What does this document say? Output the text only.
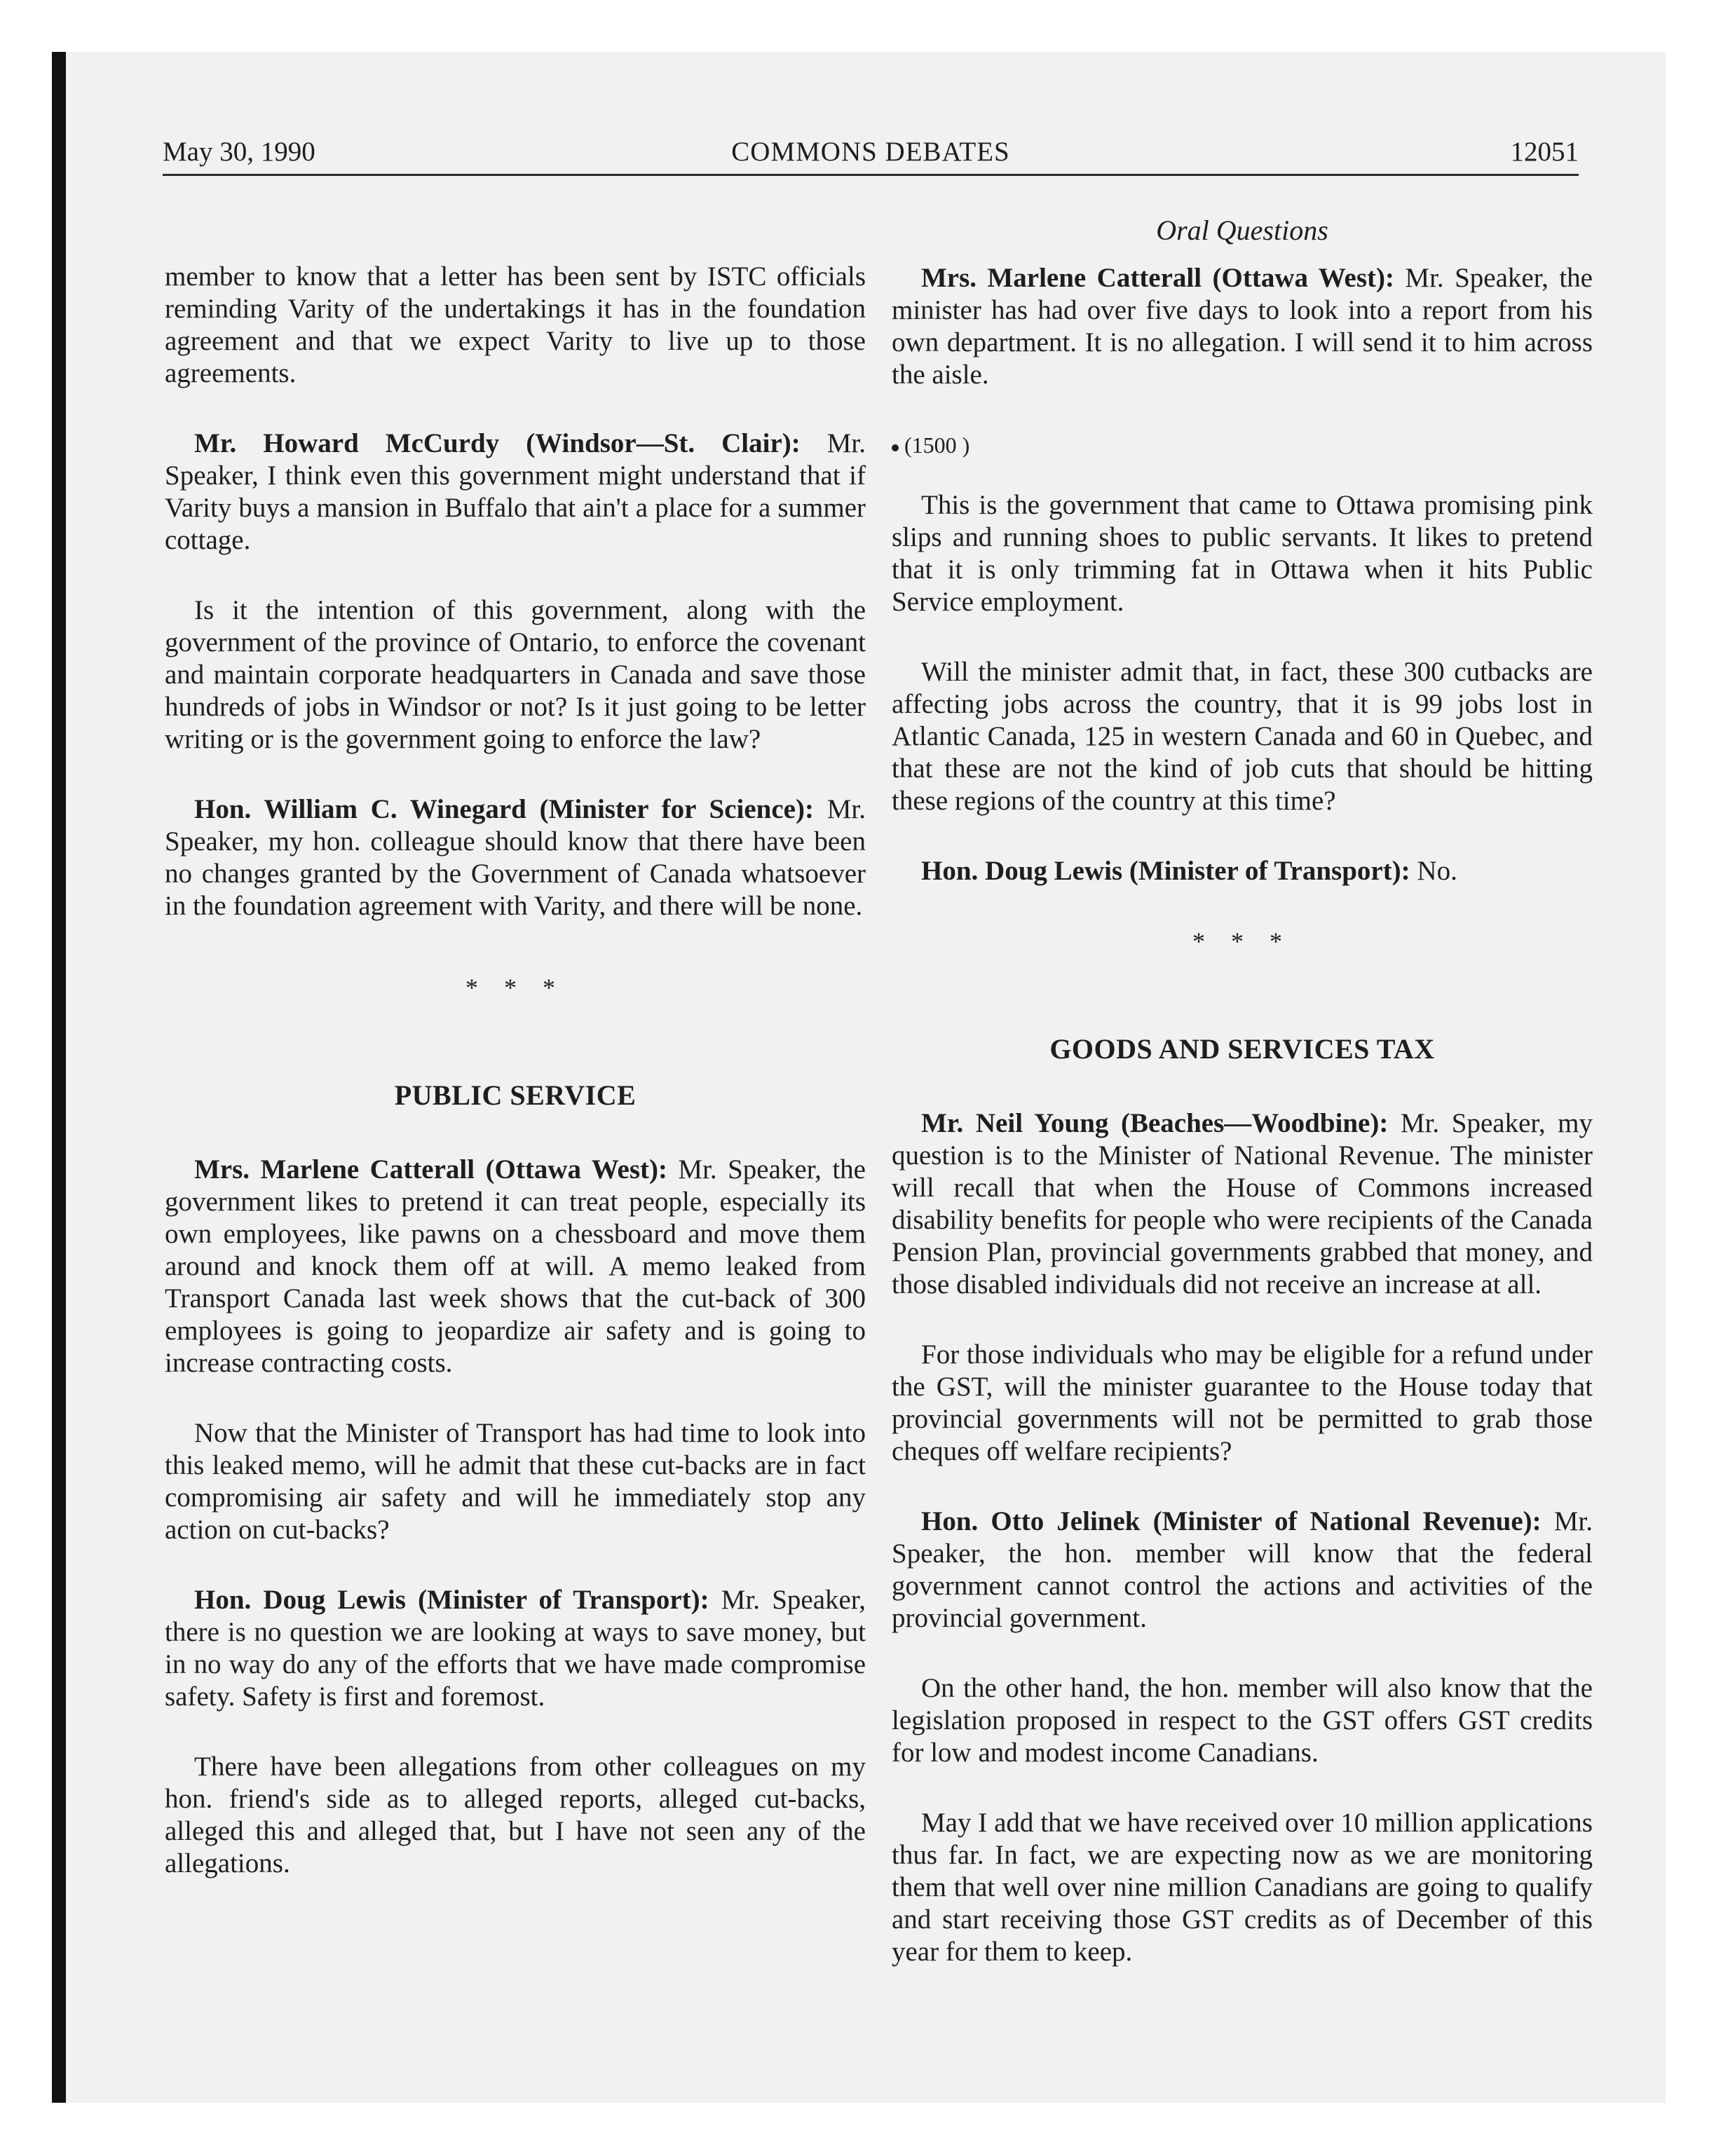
May 30, 1990	COMMONS DEBATES	12051

member to know that a letter has been sent by ISTC officials reminding Varity of the undertakings it has in the foundation agreement and that we expect Varity to live up to those agreements.

Mr. Howard McCurdy (Windsor—St. Clair): Mr. Speaker, I think even this government might understand that if Varity buys a mansion in Buffalo that ain't a place for a summer cottage.

Is it the intention of this government, along with the government of the province of Ontario, to enforce the covenant and maintain corporate headquarters in Canada and save those hundreds of jobs in Windsor or not? Is it just going to be letter writing or is the government going to enforce the law?

Hon. William C. Winegard (Minister for Science): Mr. Speaker, my hon. colleague should know that there have been no changes granted by the Government of Canada whatsoever in the foundation agreement with Varity, and there will be none.

* * *
PUBLIC SERVICE

Mrs. Marlene Catterall (Ottawa West): Mr. Speaker, the government likes to pretend it can treat people, especially its own employees, like pawns on a chessboard and move them around and knock them off at will. A memo leaked from Transport Canada last week shows that the cut-back of 300 employees is going to jeopardize air safety and is going to increase contracting costs.

Now that the Minister of Transport has had time to look into this leaked memo, will he admit that these cut-backs are in fact compromising air safety and will he immediately stop any action on cut-backs?

Hon. Doug Lewis (Minister of Transport): Mr. Speaker, there is no question we are looking at ways to save money, but in no way do any of the efforts that we have made compromise safety. Safety is first and foremost.

There have been allegations from other colleagues on my hon. friend's side as to alleged reports, alleged cut-backs, alleged this and alleged that, but I have not seen any of the allegations.

Oral Questions

Mrs. Marlene Catterall (Ottawa West): Mr. Speaker, the minister has had over five days to look into a report from his own department. It is no allegation. I will send it to him across the aisle.

(1500 )

This is the government that came to Ottawa promising pink slips and running shoes to public servants. It likes to pretend that it is only trimming fat in Ottawa when it hits Public Service employment.

Will the minister admit that, in fact, these 300 cutbacks are affecting jobs across the country, that it is 99 jobs lost in Atlantic Canada, 125 in western Canada and 60 in Quebec, and that these are not the kind of job cuts that should be hitting these regions of the country at this time?

Hon. Doug Lewis (Minister of Transport): No.

* * *
GOODS AND SERVICES TAX

Mr. Neil Young (Beaches—Woodbine): Mr. Speaker, my question is to the Minister of National Revenue. The minister will recall that when the House of Commons increased disability benefits for people who were recipients of the Canada Pension Plan, provincial governments grabbed that money, and those disabled individuals did not receive an increase at all.

For those individuals who may be eligible for a refund under the GST, will the minister guarantee to the House today that provincial governments will not be permitted to grab those cheques off welfare recipients?

Hon. Otto Jelinek (Minister of National Revenue): Mr. Speaker, the hon. member will know that the federal government cannot control the actions and activities of the provincial government.

On the other hand, the hon. member will also know that the legislation proposed in respect to the GST offers GST credits for low and modest income Canadians.

May I add that we have received over 10 million applications thus far. In fact, we are expecting now as we are monitoring them that well over nine million Canadians are going to qualify and start receiving those GST credits as of December of this year for them to keep.
